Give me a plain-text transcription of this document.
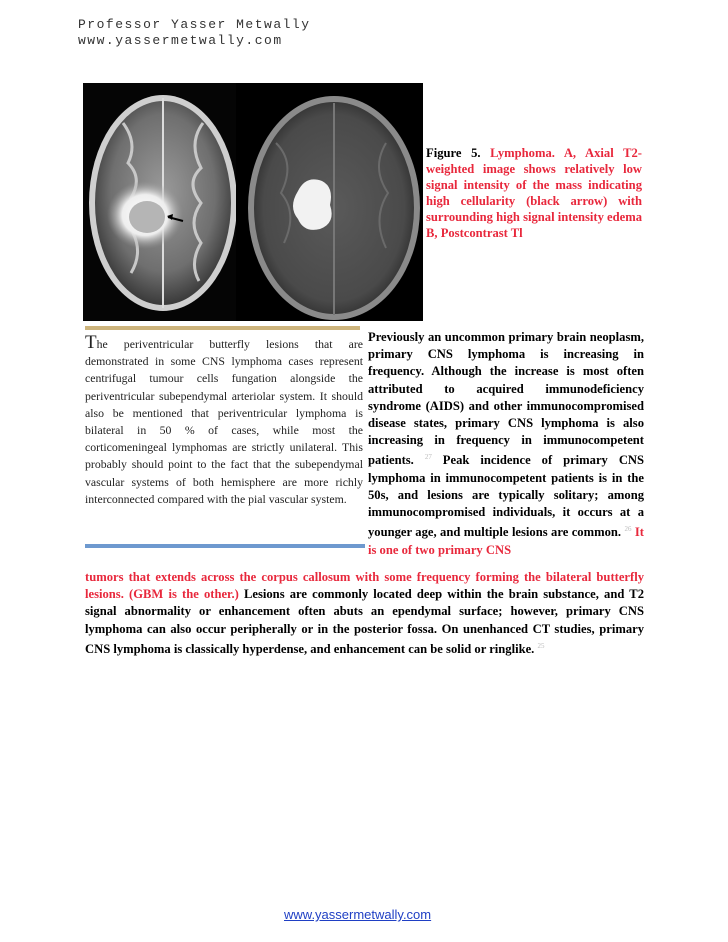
Professor Yasser Metwally
www.yassermetwally.com
Figure 5. Lymphoma. A, Axial T2-weighted image shows relatively low signal intensity of the mass indicating high cellularity (black arrow) with surrounding high signal intensity edema B, Postcontrast Tl
The periventricular butterfly lesions that are demonstrated in some CNS lymphoma cases represent centrifugal tumour cells fungation alongside the periventricular subependymal arteriolar system. It should also be mentioned that periventricular lymphoma is bilateral in 50 % of cases, while most the corticomeningeal lymphomas are strictly unilateral. This probably should point to the fact that the subependymal vascular systems of both hemisphere are more richly interconnected compared with the pial vascular system.
Previously an uncommon primary brain neoplasm, primary CNS lymphoma is increasing in frequency. Although the increase is most often attributed to acquired immunodeficiency syndrome (AIDS) and other immunocompromised disease states, primary CNS lymphoma is also increasing in frequency in immunocompetent patients. $^{27}$ Peak incidence of primary CNS lymphoma in immunocompetent patients is in the 50s, and lesions are typically solitary; among immunocompromised individuals, it occurs at a younger age, and multiple lesions are common. $^{26}$ It is one of two primary CNS
tumors that extends across the corpus callosum with some frequency forming the bilateral butterfly lesions. (GBM is the other.) Lesions are commonly located deep within the brain substance, and T2 signal abnormality or enhancement often abuts an ependymal surface; however, primary CNS lymphoma can also occur peripherally or in the posterior fossa. On unenhanced CT studies, primary CNS lymphoma is classically hyperdense, and enhancement can be solid or ringlike. $^{25}$
www.yassermetwally.com
